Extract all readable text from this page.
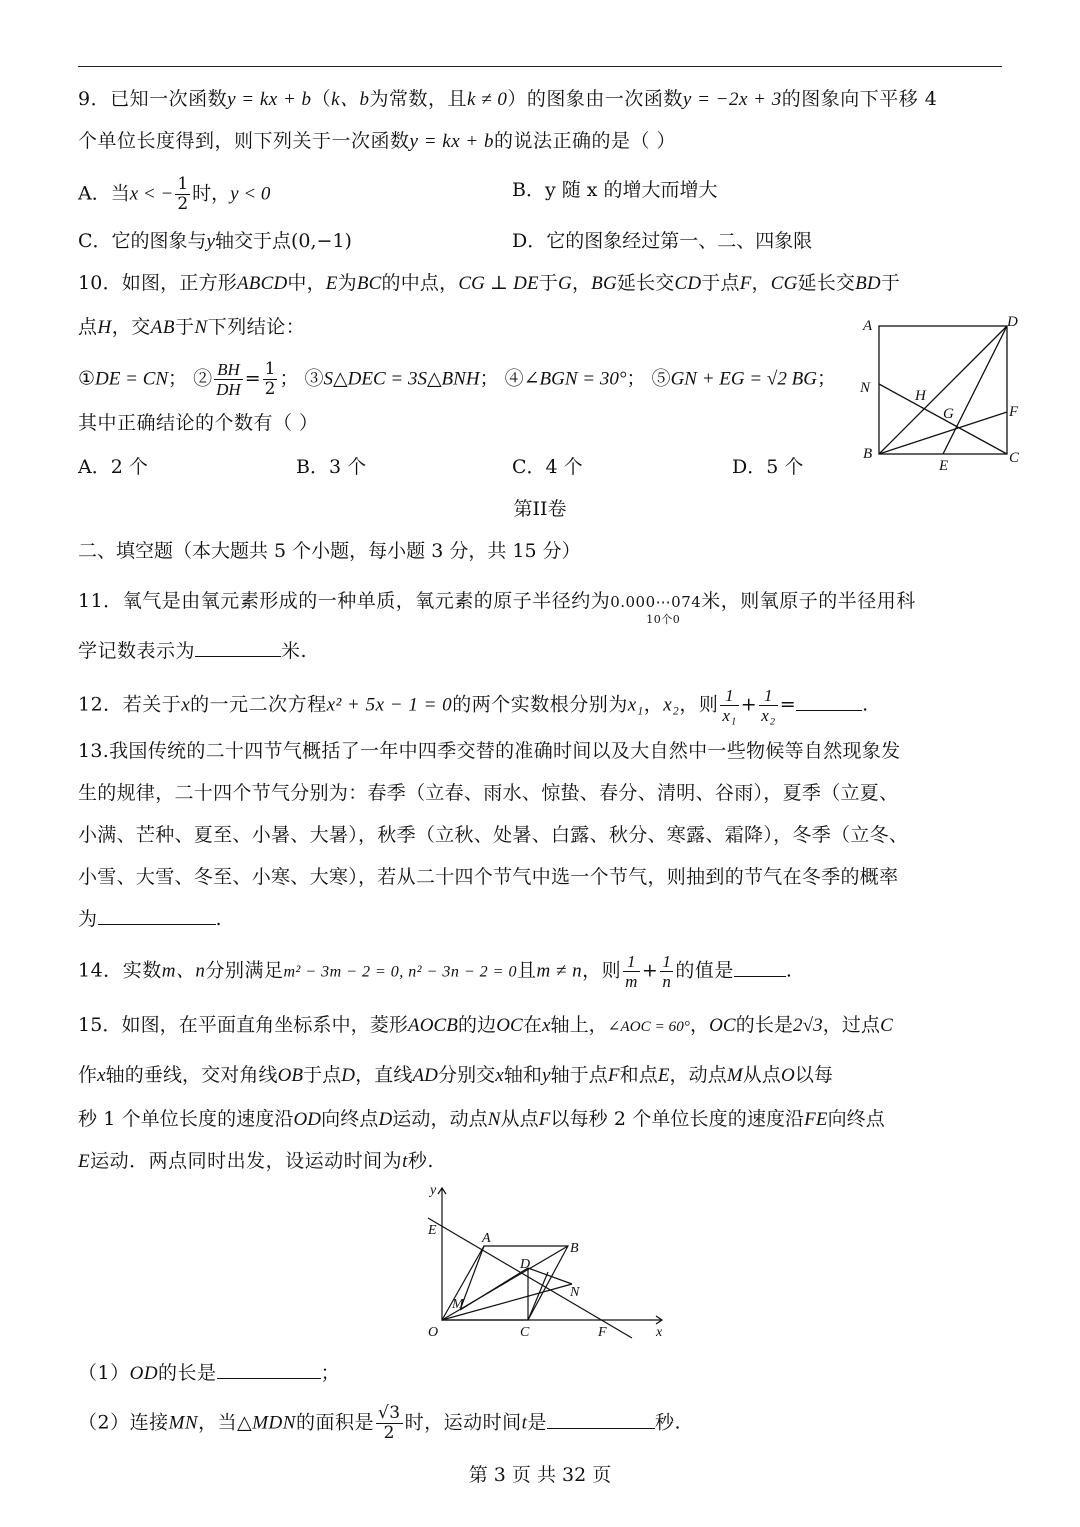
9．已知一次函数y = kx + b（k、b为常数，且k ≠ 0）的图象由一次函数y = −2x + 3的图象向下平移 4
个单位长度得到，则下列关于一次函数y = kx + b的说法正确的是（ ）
A．当x < − $\frac{1}{2}$ 时，y < 0	B．y 随 x 的增大而增大
C．它的图象与y轴交于点(0,−1)	D．它的图象经过第一、二、四象限
10．如图，正方形ABCD中，E为BC的中点，CG ⊥ DE于G，BG延长交CD于点F，CG延长交BD于
点H，交AB于N下列结论：
①DE = CN； ② $\frac{BH}{DH} = \frac{1}{2}$ ； ③S△DEC = 3S△BNH； ④∠BGN = 30°； ⑤GN + EG = √2 BG；
其中正确结论的个数有（ ）
A．2 个	B．3 个	C．4 个	D．5 个
A	D
N	H
G	F
B
E	C
第II卷
二、填空题（本大题共 5 个小题，每小题 3 分，共 15 分）
11．氧气是由氧元素形成的一种单质，氧元素的原子半径约为0.000⋯074
10个0
米，则氧原子的半径用科
学记数表示为	米.
12．若关于x的一元二次方程x² + 5x − 1 = 0的两个实数根分别为x₁，x₂，则 $\frac{1}{\text{x₁}} + \frac{1}{\text{x₂}}$ =	.
13.我国传统的二十四节气概括了一年中四季交替的准确时间以及大自然中一些物候等自然现象发
生的规律，二十四个节气分别为：春季（立春、雨水、惊蛰、春分、清明、谷雨），夏季（立夏、
小满、芒种、夏至、小暑、大暑），秋季（立秋、处暑、白露、秋分、寒露、霜降），冬季（立冬、
小雪、大雪、冬至、小寒、大寒），若从二十四个节气中选一个节气，则抽到的节气在冬季的概率
为	.
14．实数m、n分别满足m² − 3m − 2 = 0, n² − 3n − 2 = 0且m ≠ n，则 $\frac{1}{m} + \frac{1}{n}$ 的值是	.
15．如图，在平面直角坐标系中，菱形AOCB的边OC在x轴上，∠AOC = 60°，OC的长是2√3，过点C
作x轴的垂线，交对角线OB于点D，直线AD分别交x轴和y轴于点F和点E，动点M从点O以每
秒 1 个单位长度的速度沿OD向终点D运动，动点N从点F以每秒 2 个单位长度的速度沿FE向终点
E运动．两点同时出发，设运动时间为t秒.
y
E
A
B
D
N
M
O	C	F	x
（1）OD的长是	；
（2）连接MN，当△MDN的面积是 $\frac{√3}{2}$ 时，运动时间t是	秒.
第 3 页 共 32 页
